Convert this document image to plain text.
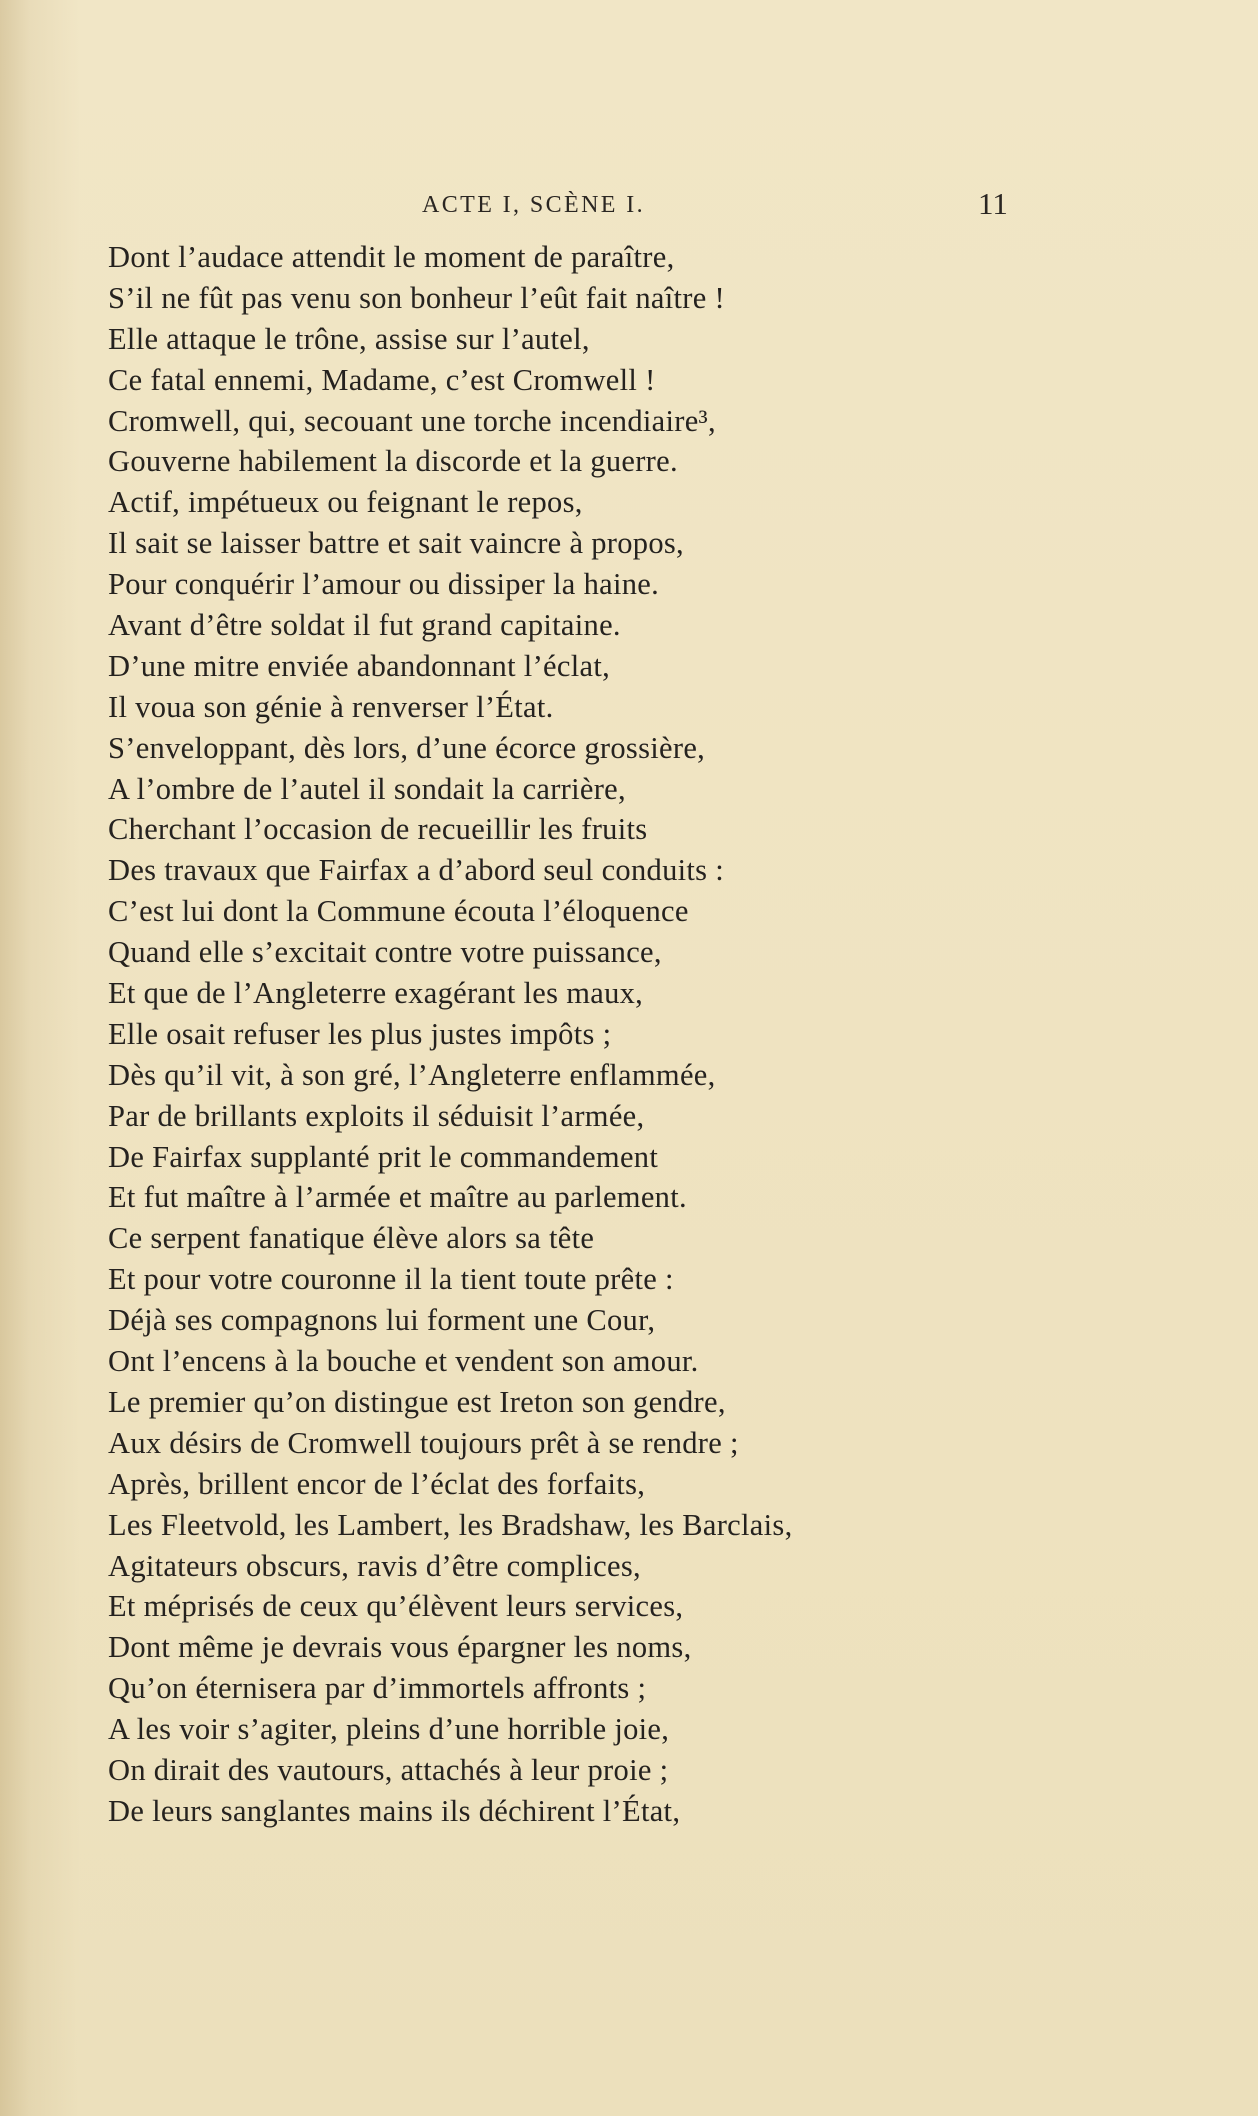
ACTE I, SCÈNE I.	11
Dont l’audace attendit le moment de paraître,
S’il ne fût pas venu son bonheur l’eût fait naître !
Elle attaque le trône, assise sur l’autel,
Ce fatal ennemi, Madame, c’est Cromwell !
Cromwell, qui, secouant une torche incendiaire³,
Gouverne habilement la discorde et la guerre.
Actif, impétueux ou feignant le repos,
Il sait se laisser battre et sait vaincre à propos,
Pour conquérir l’amour ou dissiper la haine.
Avant d’être soldat il fut grand capitaine.
D’une mitre enviée abandonnant l’éclat,
Il voua son génie à renverser l’État.
S’enveloppant, dès lors, d’une écorce grossière,
A l’ombre de l’autel il sondait la carrière,
Cherchant l’occasion de recueillir les fruits
Des travaux que Fairfax a d’abord seul conduits :
C’est lui dont la Commune écouta l’éloquence
Quand elle s’excitait contre votre puissance,
Et que de l’Angleterre exagérant les maux,
Elle osait refuser les plus justes impôts ;
Dès qu’il vit, à son gré, l’Angleterre enflammée,
Par de brillants exploits il séduisit l’armée,
De Fairfax supplanté prit le commandement
Et fut maître à l’armée et maître au parlement.
Ce serpent fanatique élève alors sa tête
Et pour votre couronne il la tient toute prête :
Déjà ses compagnons lui forment une Cour,
Ont l’encens à la bouche et vendent son amour.
Le premier qu’on distingue est Ireton son gendre,
Aux désirs de Cromwell toujours prêt à se rendre ;
Après, brillent encor de l’éclat des forfaits,
Les Fleetvold, les Lambert, les Bradshaw, les Barclais,
Agitateurs obscurs, ravis d’être complices,
Et méprisés de ceux qu’élèvent leurs services,
Dont même je devrais vous épargner les noms,
Qu’on éternisera par d’immortels affronts ;
A les voir s’agiter, pleins d’une horrible joie,
On dirait des vautours, attachés à leur proie ;
De leurs sanglantes mains ils déchirent l’État,
